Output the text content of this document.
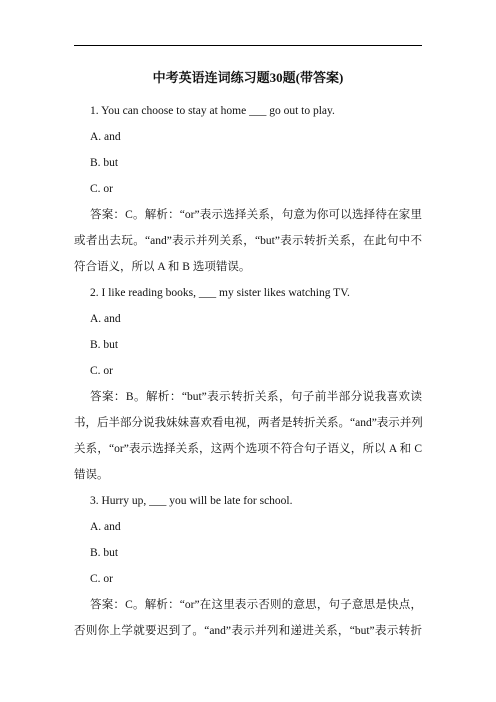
中考英语连词练习题30题(带答案)
1. You can choose to stay at home ___ go out to play.
A. and
B. but
C. or
答案：C。解析：“or”表示选择关系，句意为你可以选择待在家里
或者出去玩。“and”表示并列关系，“but”表示转折关系，在此句中不
符合语义，所以 A 和 B 选项错误。
2. I like reading books, ___ my sister likes watching TV.
A. and
B. but
C. or
答案：B。解析：“but”表示转折关系，句子前半部分说我喜欢读
书，后半部分说我妹妹喜欢看电视，两者是转折关系。“and”表示并列
关系，“or”表示选择关系，这两个选项不符合句子语义，所以 A 和 C
错误。
3. Hurry up, ___ you will be late for school.
A. and
B. but
C. or
答案：C。解析：“or”在这里表示否则的意思，句子意思是快点，
否则你上学就要迟到了。“and”表示并列和递进关系，“but”表示转折
